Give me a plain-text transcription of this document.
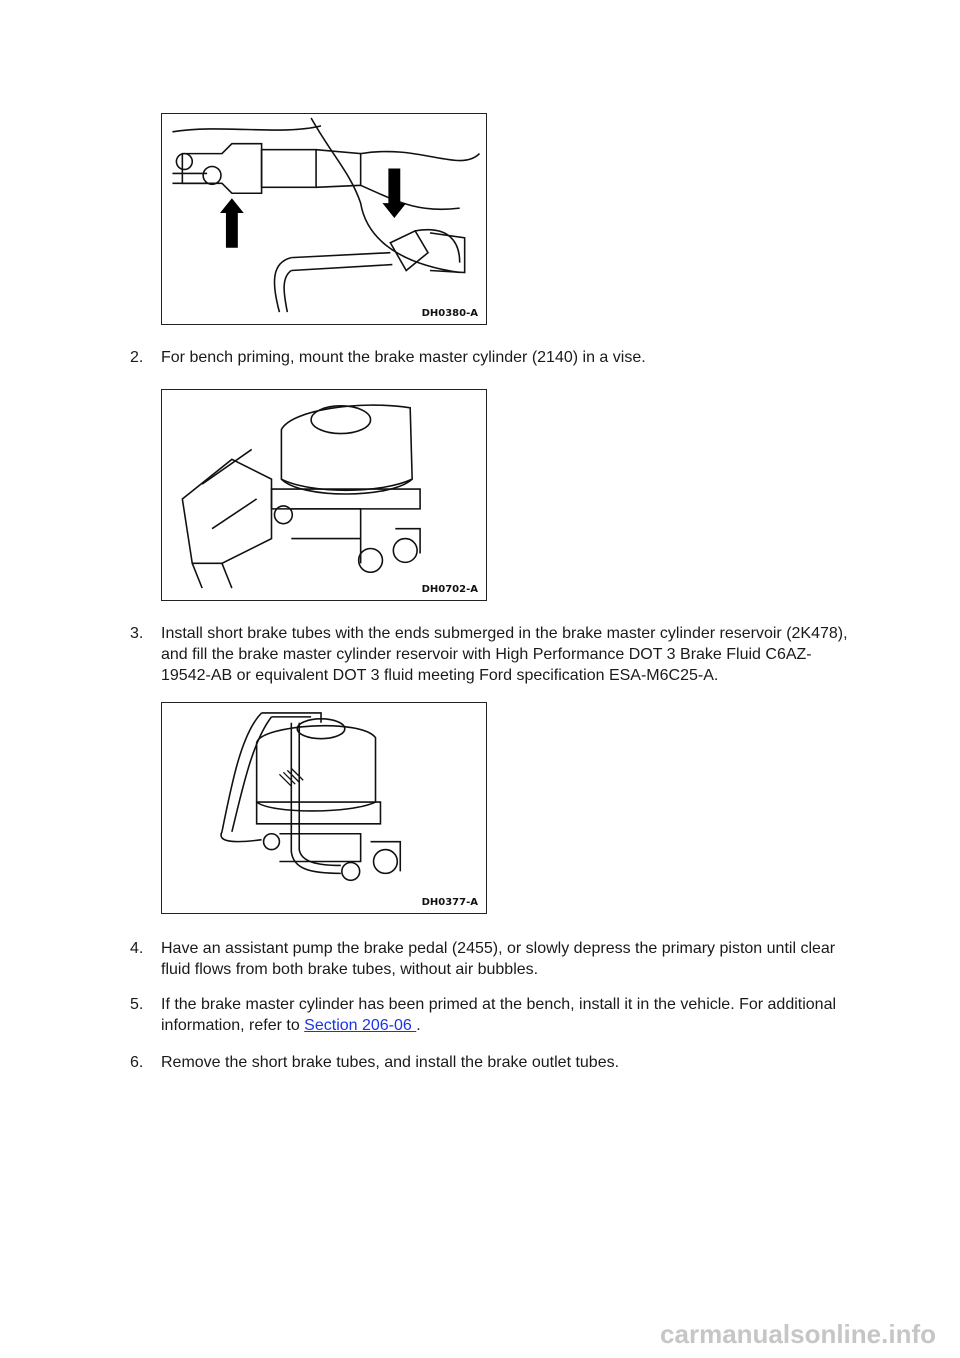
DH0380-A
2. For bench priming, mount the brake master cylinder (2140) in a vise.
DH0702-A
3. Install short brake tubes with the ends submerged in the brake master cylinder reservoir (2K478), and fill the brake master cylinder reservoir with High Performance DOT 3 Brake Fluid C6AZ-19542-AB or equivalent DOT 3 fluid meeting Ford specification ESA-M6C25-A.
DH0377-A
4. Have an assistant pump the brake pedal (2455), or slowly depress the primary piston until clear fluid flows from both brake tubes, without air bubbles.
5. If the brake master cylinder has been primed at the bench, install it in the vehicle. For additional information, refer to Section 206-06 .
6. Remove the short brake tubes, and install the brake outlet tubes.
carmanualsonline.info
